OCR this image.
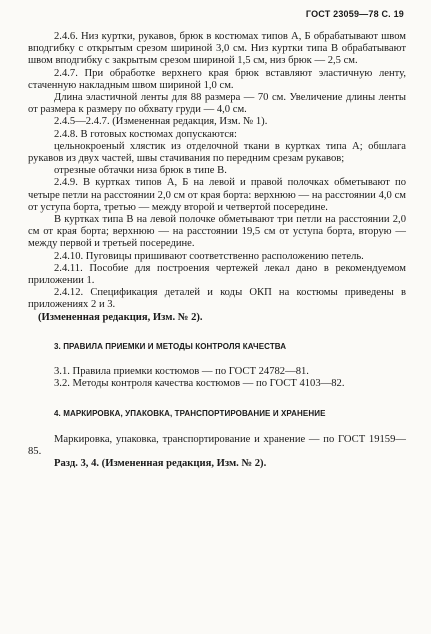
ГОСТ 23059—78 С. 19

2.4.6. Низ куртки, рукавов, брюк в костюмах типов А, Б обрабатывают швом вподгибку с открытым срезом шириной 3,0 см. Низ куртки типа В обрабатывают швом вподгибку с закрытым срезом шириной 1,5 см, низ брюк — 2,5 см.

2.4.7. При обработке верхнего края брюк вставляют эластичную ленту, стаченную накладным швом шириной 1,0 см.

Длина эластичной ленты для 88 размера — 70 см. Увеличение длины ленты от размера к размеру по обхвату груди — 4,0 см.

2.4.5—2.4.7. (Измененная редакция, Изм. № 1).

2.4.8. В готовых костюмах допускаются:

цельнокроеный хлястик из отделочной ткани в куртках типа А; обшлага рукавов из двух частей, швы стачивания по передним срезам рукавов;

отрезные обтачки низа брюк в типе В.

2.4.9. В куртках типов А, Б на левой и правой полочках обметывают по четыре петли на расстоянии 2,0 см от края борта: верхнюю — на расстоянии 4,0 см от уступа борта, третью — между второй и четвертой посередине.

В куртках типа В на левой полочке обметывают три петли на расстоянии 2,0 см от края борта; верхнюю — на расстоянии 19,5 см от уступа борта, вторую — между первой и третьей посередине.

2.4.10. Пуговицы пришивают соответственно расположению петель.

2.4.11. Пособие для построения чертежей лекал дано в рекомендуемом приложении 1.

2.4.12. Спецификация деталей и коды ОКП на костюмы приведены в приложениях 2 и 3.

(Измененная редакция, Изм. № 2).

3. ПРАВИЛА ПРИЕМКИ И МЕТОДЫ КОНТРОЛЯ КАЧЕСТВА

3.1. Правила приемки костюмов — по ГОСТ 24782—81.

3.2. Методы контроля качества костюмов — по ГОСТ 4103—82.

4. МАРКИРОВКА, УПАКОВКА, ТРАНСПОРТИРОВАНИЕ И ХРАНЕНИЕ

Маркировка, упаковка, транспортирование и хранение — по ГОСТ 19159—85.

Разд. 3, 4. (Измененная редакция, Изм. № 2).
